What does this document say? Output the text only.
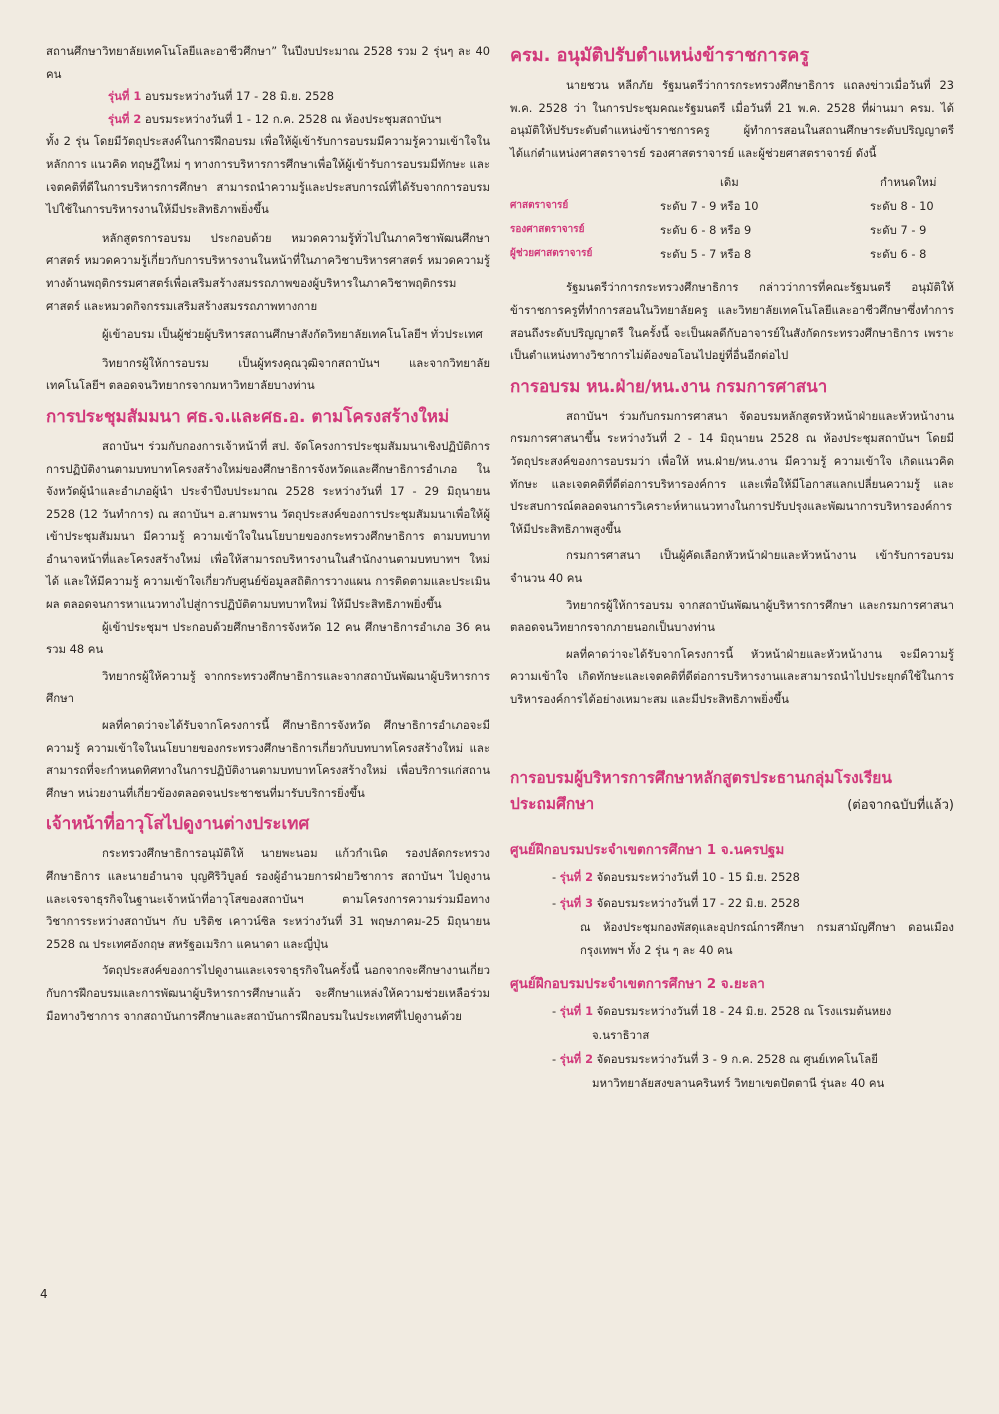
สถานศึกษาวิทยาลัยเทคโนโลยีและอาชีวศึกษา” ในปีงบประมาณ 2528 รวม 2 รุ่นๆ ละ 40 คน

รุ่นที่ 1 อบรมระหว่างวันที่ 17 - 28 มิ.ย. 2528
รุ่นที่ 2 อบรมระหว่างวันที่ 1 - 12 ก.ค. 2528 ณ ห้องประชุมสถาบันฯ

ทั้ง 2 รุ่น โดยมีวัตถุประสงค์ในการฝึกอบรม เพื่อให้ผู้เข้ารับการอบรมมีความรู้ความเข้าใจในหลักการ แนวคิด ทฤษฎีใหม่ ๆ ทางการบริหารการศึกษาเพื่อให้ผู้เข้ารับการอบรมมีทักษะ และเจตคติที่ดีในการบริหารการศึกษา สามารถนำความรู้และประสบการณ์ที่ได้รับจากการอบรมไปใช้ในการบริหารงานให้มีประสิทธิภาพยิ่งขึ้น

หลักสูตรการอบรม ประกอบด้วย หมวดความรู้ทั่วไปในภาควิชาพัฒนศึกษาศาสตร์ หมวดความรู้เกี่ยวกับการบริหารงานในหน้าที่ในภาควิชาบริหารศาสตร์ หมวดความรู้ทางด้านพฤติกรรมศาสตร์เพื่อเสริมสร้างสมรรถภาพของผู้บริหารในภาควิชาพฤติกรรมศาสตร์ และหมวดกิจกรรมเสริมสร้างสมรรถภาพทางกาย

ผู้เข้าอบรม เป็นผู้ช่วยผู้บริหารสถานศึกษาสังกัดวิทยาลัยเทคโนโลยีฯ ทั่วประเทศ

วิทยากรผู้ให้การอบรม เป็นผู้ทรงคุณวุฒิจากสถาบันฯ และจากวิทยาลัยเทคโนโลยีฯ ตลอดจนวิทยากรจากมหาวิทยาลัยบางท่าน

การประชุมสัมมนา ศธ.จ.และศธ.อ. ตามโครงสร้างใหม่

สถาบันฯ ร่วมกับกองการเจ้าหน้าที่ สป. จัดโครงการประชุมสัมมนาเชิงปฏิบัติการการปฏิบัติงานตามบทบาทโครงสร้างใหม่ของศึกษาธิการจังหวัดและศึกษาธิการอำเภอ ในจังหวัดผู้นำและอำเภอผู้นำ ประจำปีงบประมาณ 2528 ระหว่างวันที่ 17 - 29 มิถุนายน 2528 (12 วันทำการ) ณ สถาบันฯ อ.สามพราน วัตถุประสงค์ของการประชุมสัมมนาเพื่อให้ผู้เข้าประชุมสัมมนา มีความรู้ ความเข้าใจในนโยบายของกระทรวงศึกษาธิการ ตามบทบาท อำนาจหน้าที่และโครงสร้างใหม่ เพื่อให้สามารถบริหารงานในสำนักงานตามบทบาทฯ ใหม่ได้ และให้มีความรู้ ความเข้าใจเกี่ยวกับศูนย์ข้อมูลสถิติการวางแผน การติดตามและประเมินผล ตลอดจนการหาแนวทางไปสู่การปฏิบัติตามบทบาทใหม่ ให้มีประสิทธิภาพยิ่งขึ้น

ผู้เข้าประชุมฯ ประกอบด้วยศึกษาธิการจังหวัด 12 คน ศึกษาธิการอำเภอ 36 คน รวม 48 คน

วิทยากรผู้ให้ความรู้ จากกระทรวงศึกษาธิการและจากสถาบันพัฒนาผู้บริหารการศึกษา

ผลที่คาดว่าจะได้รับจากโครงการนี้ ศึกษาธิการจังหวัด ศึกษาธิการอำเภอจะมีความรู้ ความเข้าใจในนโยบายของกระทรวงศึกษาธิการเกี่ยวกับบทบาทโครงสร้างใหม่ และสามารถที่จะกำหนดทิศทางในการปฏิบัติงานตามบทบาทโครงสร้างใหม่ เพื่อบริการแก่สถานศึกษา หน่วยงานที่เกี่ยวข้องตลอดจนประชาชนที่มารับบริการยิ่งขึ้น

เจ้าหน้าที่อาวุโสไปดูงานต่างประเทศ

กระทรวงศึกษาธิการอนุมัติให้ นายพะนอม แก้วกำเนิด รองปลัดกระทรวงศึกษาธิการ และนายอำนาจ บุญศิริวิบูลย์ รองผู้อำนวยการฝ่ายวิชาการ สถาบันฯ ไปดูงานและเจรจาธุรกิจในฐานะเจ้าหน้าที่อาวุโสของสถาบันฯ ตามโครงการความร่วมมือทางวิชาการระหว่างสถาบันฯ กับ บริติช เคาวน์ซิล ระหว่างวันที่ 31 พฤษภาคม-25 มิถุนายน 2528 ณ ประเทศอังกฤษ สหรัฐอเมริกา แคนาดา และญี่ปุ่น

วัตถุประสงค์ของการไปดูงานและเจรจาธุรกิจในครั้งนี้ นอกจากจะศึกษางานเกี่ยวกับการฝึกอบรมและการพัฒนาผู้บริหารการศึกษาแล้ว จะศึกษาแหล่งให้ความช่วยเหลือร่วมมือทางวิชาการ จากสถาบันการศึกษาและสถาบันการฝึกอบรมในประเทศที่ไปดูงานด้วย

ครม. อนุมัติปรับตำแหน่งข้าราชการครู

นายชวน หลีกภัย รัฐมนตรีว่าการกระทรวงศึกษาธิการ แถลงข่าวเมื่อวันที่ 23 พ.ค. 2528 ว่า ในการประชุมคณะรัฐมนตรี เมื่อวันที่ 21 พ.ค. 2528 ที่ผ่านมา ครม. ได้อนุมัติให้ปรับระดับตำแหน่งข้าราชการครู ผู้ทำการสอนในสถานศึกษาระดับปริญญาตรี ได้แก่ตำแหน่งศาสตราจารย์ รองศาสตราจารย์ และผู้ช่วยศาสตราจารย์ ดังนี้

	เดิม	กำหนดใหม่
ศาสตราจารย์	ระดับ 7 - 9 หรือ 10	ระดับ 8 - 10
รองศาสตราจารย์	ระดับ 6 - 8 หรือ 9	ระดับ 7 - 9
ผู้ช่วยศาสตราจารย์	ระดับ 5 - 7 หรือ 8	ระดับ 6 - 8

รัฐมนตรีว่าการกระทรวงศึกษาธิการ กล่าวว่าการที่คณะรัฐมนตรี อนุมัติให้ข้าราชการครูที่ทำการสอนในวิทยาลัยครู และวิทยาลัยเทคโนโลยีและอาชีวศึกษาซึ่งทำการสอนถึงระดับปริญญาตรี ในครั้งนี้ จะเป็นผลดีกับอาจารย์ในสังกัดกระทรวงศึกษาธิการ เพราะเป็นตำแหน่งทางวิชาการไม่ต้องขอโอนไปอยู่ที่อื่นอีกต่อไป

การอบรม หน.ฝ่าย/หน.งาน กรมการศาสนา

สถาบันฯ ร่วมกับกรมการศาสนา จัดอบรมหลักสูตรหัวหน้าฝ่ายและหัวหน้างาน กรมการศาสนาขึ้น ระหว่างวันที่ 2 - 14 มิถุนายน 2528 ณ ห้องประชุมสถาบันฯ โดยมีวัตถุประสงค์ของการอบรมว่า เพื่อให้ หน.ฝ่าย/หน.งาน มีความรู้ ความเข้าใจ เกิดแนวคิด ทักษะ และเจตคติที่ดีต่อการบริหารองค์การ และเพื่อให้มีโอกาสแลกเปลี่ยนความรู้ และประสบการณ์ตลอดจนการวิเคราะห์หาแนวทางในการปรับปรุงและพัฒนาการบริหารองค์การให้มีประสิทธิภาพสูงขึ้น

กรมการศาสนา เป็นผู้คัดเลือกหัวหน้าฝ่ายและหัวหน้างาน เข้ารับการอบรมจำนวน 40 คน

วิทยากรผู้ให้การอบรม จากสถาบันพัฒนาผู้บริหารการศึกษา และกรมการศาสนา ตลอดจนวิทยากรจากภายนอกเป็นบางท่าน

ผลที่คาดว่าจะได้รับจากโครงการนี้ หัวหน้าฝ่ายและหัวหน้างาน จะมีความรู้ ความเข้าใจ เกิดทักษะและเจตคติที่ดีต่อการบริหารงานและสามารถนำไปประยุกต์ใช้ในการบริหารองค์การได้อย่างเหมาะสม และมีประสิทธิภาพยิ่งขึ้น

การอบรมผู้บริหารการศึกษาหลักสูตรประธานกลุ่มโรงเรียน
ประถมศึกษา	(ต่อจากฉบับที่แล้ว)
ศูนย์ฝึกอบรมประจำเขตการศึกษา 1 จ.นครปฐม

- รุ่นที่ 2 จัดอบรมระหว่างวันที่ 10 - 15 มิ.ย. 2528

- รุ่นที่ 3 จัดอบรมระหว่างวันที่ 17 - 22 มิ.ย. 2528

ณ ห้องประชุมกองพัสดุและอุปกรณ์การศึกษา กรมสามัญศึกษา ดอนเมือง กรุงเทพฯ ทั้ง 2 รุ่น ๆ ละ 40 คน

ศูนย์ฝึกอบรมประจำเขตการศึกษา 2 จ.ยะลา

- รุ่นที่ 1 จัดอบรมระหว่างวันที่ 18 - 24 มิ.ย. 2528 ณ โรงแรมต้นหยง

จ.นราธิวาส

- รุ่นที่ 2 จัดอบรมระหว่างวันที่ 3 - 9 ก.ค. 2528 ณ ศูนย์เทคโนโลยี

มหาวิทยาลัยสงขลานครินทร์ วิทยาเขตปัตตานี รุ่นละ 40 คน

4
